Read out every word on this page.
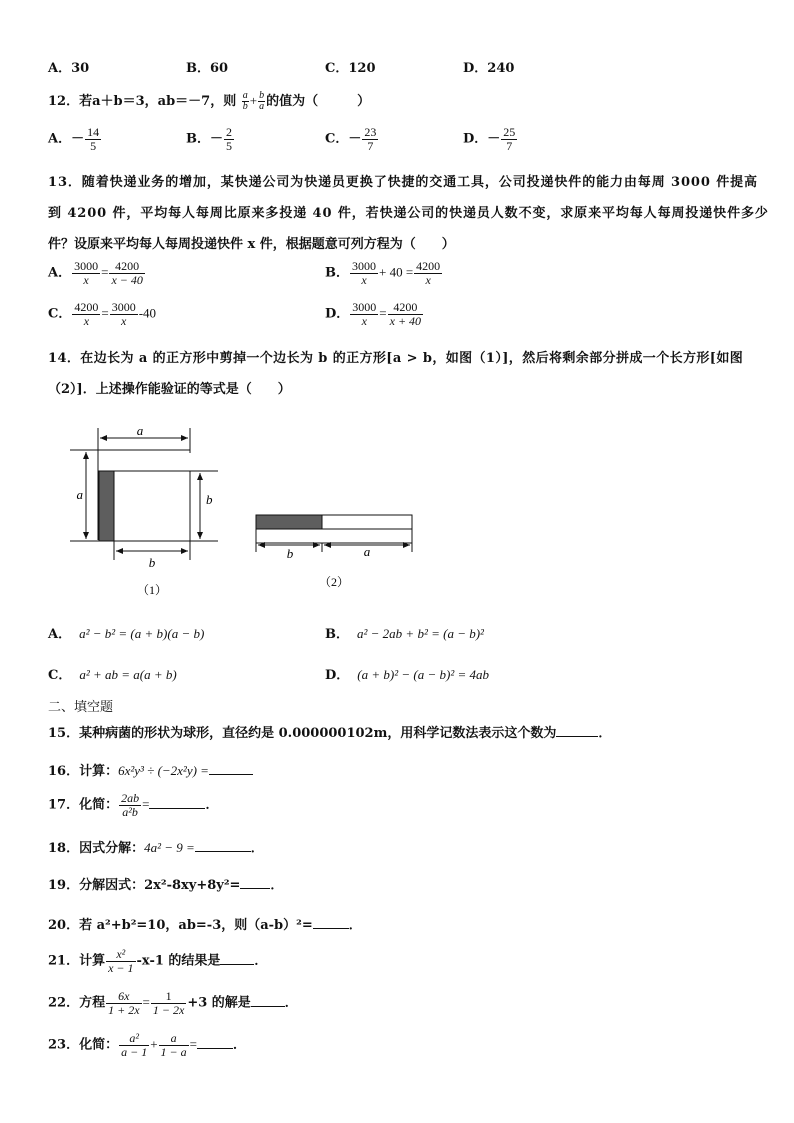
A．30	B．60	C．120	D．240
12．若a＋b＝3，ab＝－7，则 $\frac{a}{b} + \frac{b}{a}$ 的值为（　　　）
A．－ $\frac{14}{5}$	B．－ $\frac{2}{5}$	C．－ $\frac{23}{7}$	D．－ $\frac{25}{7}$
13．随着快递业务的增加，某快递公司为快递员更换了快捷的交通工具，公司投递快件的能力由每周 3000 件提高
到 4200 件，平均每人每周比原来多投递 40 件，若快递公司的快递员人数不变，求原来平均每人每周投递快件多少
件？设原来平均每人每周投递快件 x 件，根据题意可列方程为（　　）
A． $\frac{3000}{x} = \frac{4200}{x - 40}$	B． $\frac{3000}{x} + 40 = \frac{4200}{x}$
C． $\frac{4200}{x} = \frac{3000}{x} -40$	D． $\frac{3000}{x} = \frac{4200}{x + 40}$
14．在边长为 a 的正方形中剪掉一个边长为 b 的正方形[a > b，如图（1）]，然后将剩余部分拼成一个长方形[如图
（2）]．上述操作能验证的等式是（　　）
a
a	b
b
（1）
b	a
（2）
A． a² − b² = (a + b)(a − b)	B． a² − 2ab + b² = (a − b)²
C． a² + ab = a(a + b)	D． (a + b)² − (a − b)² = 4ab
二、填空题
15．某种病菌的形状为球形，直径约是 0.000000102m，用科学记数法表示这个数为	．
16．计算：6x²y³ ÷ (−2x²y) =
17．化简： $\frac{2ab}{\text{a²b}}$ =	．
18．因式分解：4a² − 9 =	．
19．分解因式：2x²-8xy+8y²= ．
20．若 a²+b²=10，ab=-3，则（a-b）²=	．
21．计算 $\frac{\text{x²}}{x - 1} -x-1$ 的结果是	．
22．方程 $\frac{6x}{1 + 2x} = \frac{1}{1 - 2x} +3$ 的解是	．
23．化简： $\frac{\text{a²}}{a - 1} + \frac{a}{1 - a}$ =	．
